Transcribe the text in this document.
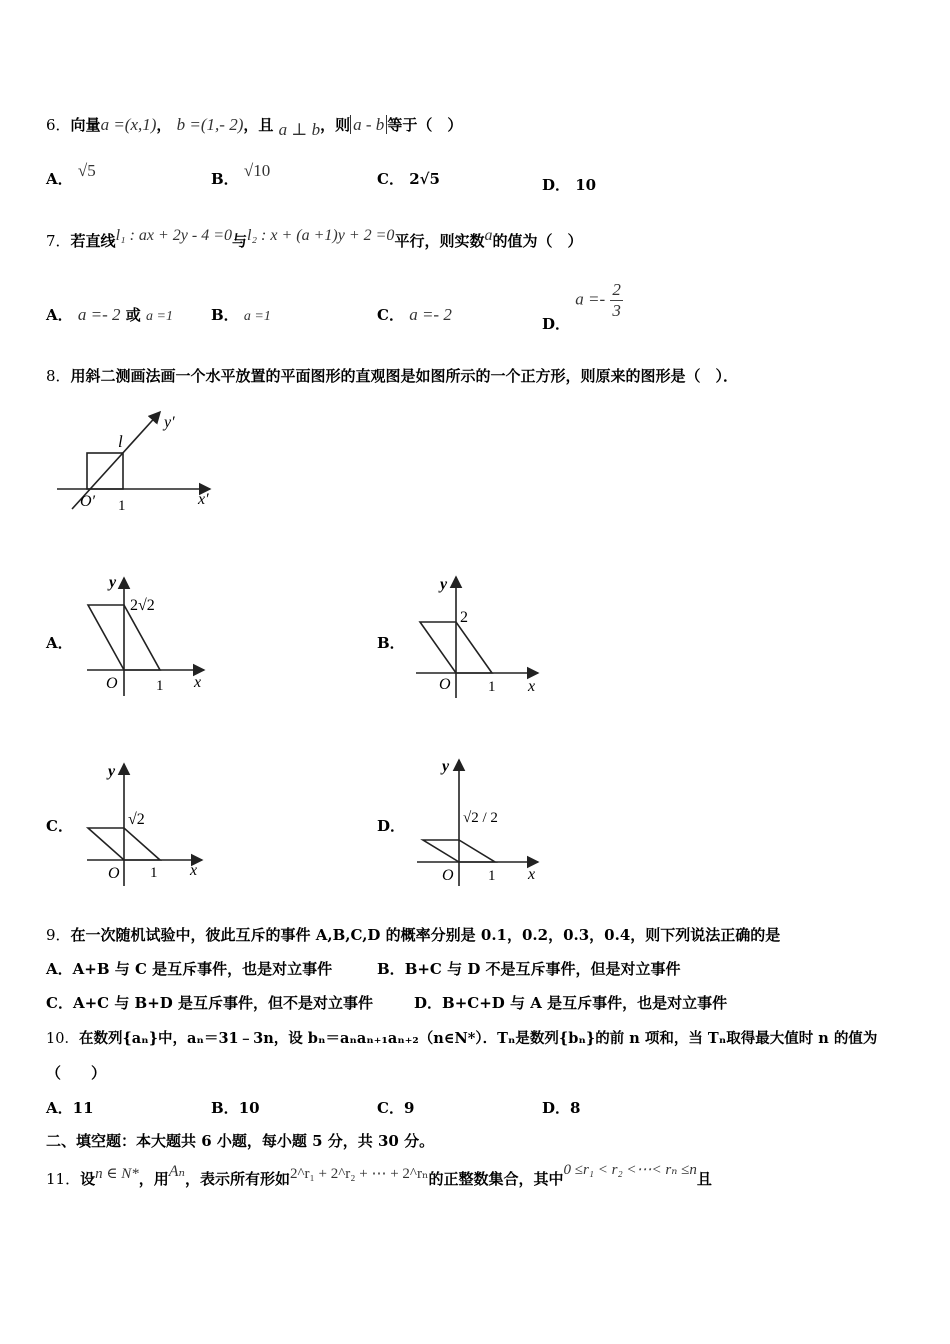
6．向量a =(x,1)， b =(1,- 2)，且 a ⊥ b，则 a - b 等于（　）
A． √5	B． √10	C． 2√5	D． 10
7．若直线l₁ : ax + 2y - 4 =0与l₂ : x + (a +1)y + 2 =0平行，则实数a的值为（　）
A． a =- 2 或 a =1	B． a =1	C． a =- 2	D． $a =- \frac{2}{3}$
8．用斜二测画法画一个水平放置的平面图形的直观图是如图所示的一个正方形，则原来的图形是（　）．
y′
x′
l
O′ 1
A．
y
x
O	1
2√2
B．
y
x
O 1
2
C．
y
x
O 1
√2	D．
y
x
O 1
√2 / 2
9．在一次随机试验中，彼此互斥的事件 A,B,C,D 的概率分别是 0.1，0.2，0.3，0.4，则下列说法正确的是
A．A+B 与 C 是互斥事件，也是对立事件	B．B+C 与 D 不是互斥事件，但是对立事件
C．A+C 与 B+D 是互斥事件，但不是对立事件	D．B+C+D 与 A 是互斥事件，也是对立事件
10．在数列{aₙ}中，aₙ＝31﹣3n，设 bₙ＝aₙaₙ₊₁aₙ₊₂（n∈N*）．Tₙ是数列{bₙ}的前 n 项和，当 Tₙ取得最大值时 n 的值为
（　　）
A．11	B．10	C．9	D．8
二、填空题：本大题共 6 小题，每小题 5 分，共 30 分。
11．设n ∈ N*，用Aₙ，表示所有形如2^r₁ + 2^r₂ + ⋯ + 2^rₙ的正整数集合，其中0 ≤r₁ < r₂ <⋯< rₙ ≤n且
